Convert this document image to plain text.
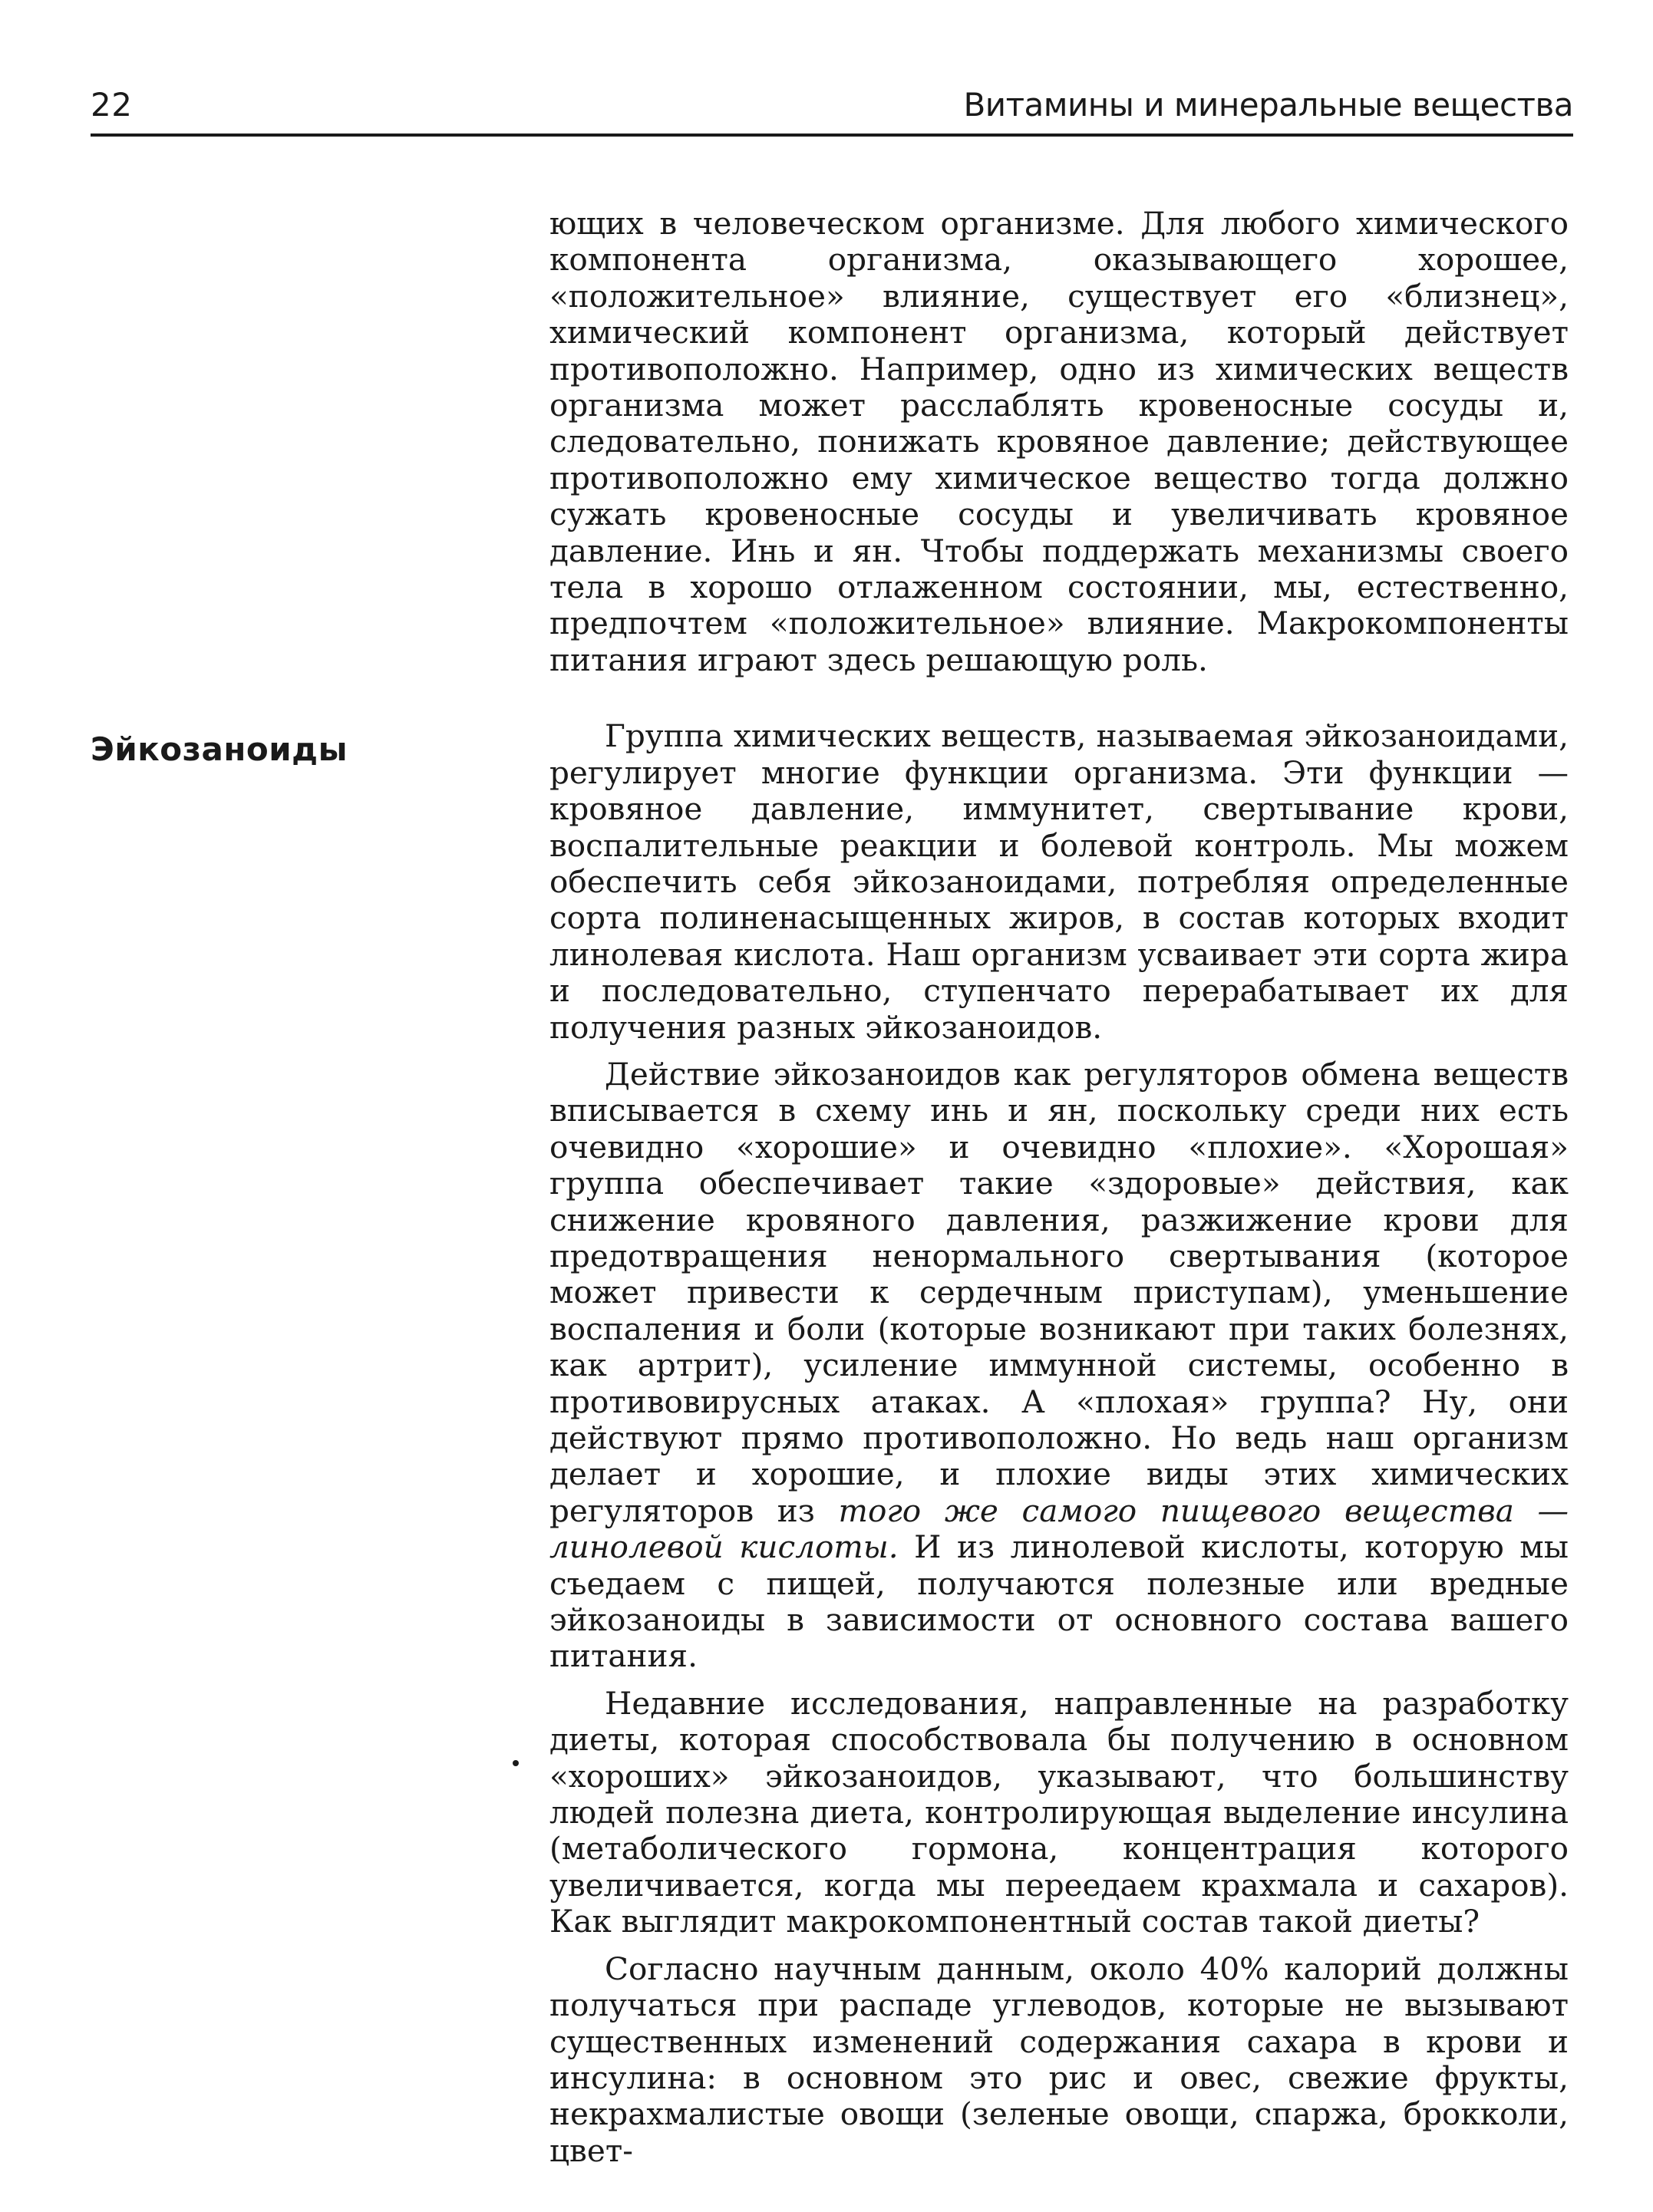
22	Витамины и минеральные вещества
Эйкозаноиды

ющих в человеческом организме. Для любого химического компонента организма, оказывающего хорошее, «положительное» влияние, существует его «близнец», химический компонент организма, который действует противоположно. Например, одно из химических веществ организма может расслаблять кровеносные сосуды и, следовательно, понижать кровяное давление; действующее противоположно ему химическое вещество тогда должно сужать кровеносные сосуды и увеличивать кровяное давление. Инь и ян. Чтобы поддержать механизмы своего тела в хорошо отлаженном состоянии, мы, естественно, предпочтем «положительное» влияние. Макрокомпоненты питания играют здесь решающую роль.

Группа химических веществ, называемая эйкозаноидами, регулирует многие функции организма. Эти функции — кровяное давление, иммунитет, свертывание крови, воспалительные реакции и болевой контроль. Мы можем обеспечить себя эйкозаноидами, потребляя определенные сорта полиненасыщенных жиров, в состав которых входит линолевая кислота. Наш организм усваивает эти сорта жира и последовательно, ступенчато перерабатывает их для получения разных эйкозаноидов.

Действие эйкозаноидов как регуляторов обмена веществ вписывается в схему инь и ян, поскольку среди них есть очевидно «хорошие» и очевидно «плохие». «Хорошая» группа обеспечивает такие «здоровые» действия, как снижение кровяного давления, разжижение крови для предотвращения ненормального свертывания (которое может привести к сердечным приступам), уменьшение воспаления и боли (которые возникают при таких болезнях, как артрит), усиление иммунной системы, особенно в противовирусных атаках. А «плохая» группа? Ну, они действуют прямо противоположно. Но ведь наш организм делает и хорошие, и плохие виды этих химических регуляторов из того же самого пищевого вещества — линолевой кислоты. И из линолевой кислоты, которую мы съедаем с пищей, получаются полезные или вредные эйкозаноиды в зависимости от основного состава вашего питания.

Недавние исследования, направленные на разработку диеты, которая способствовала бы получению в основном «хороших» эйкозаноидов, указывают, что большинству людей полезна диета, контролирующая выделение инсулина (метаболического гормона, концентрация которого увеличивается, когда мы переедаем крахмала и сахаров). Как выглядит макрокомпонентный состав такой диеты?

Согласно научным данным, около 40% калорий должны получаться при распаде углеводов, которые не вызывают существенных изменений содержания сахара в крови и инсулина: в основном это рис и овес, свежие фрукты, некрахмалистые овощи (зеленые овощи, спаржа, брокколи, цвет-
